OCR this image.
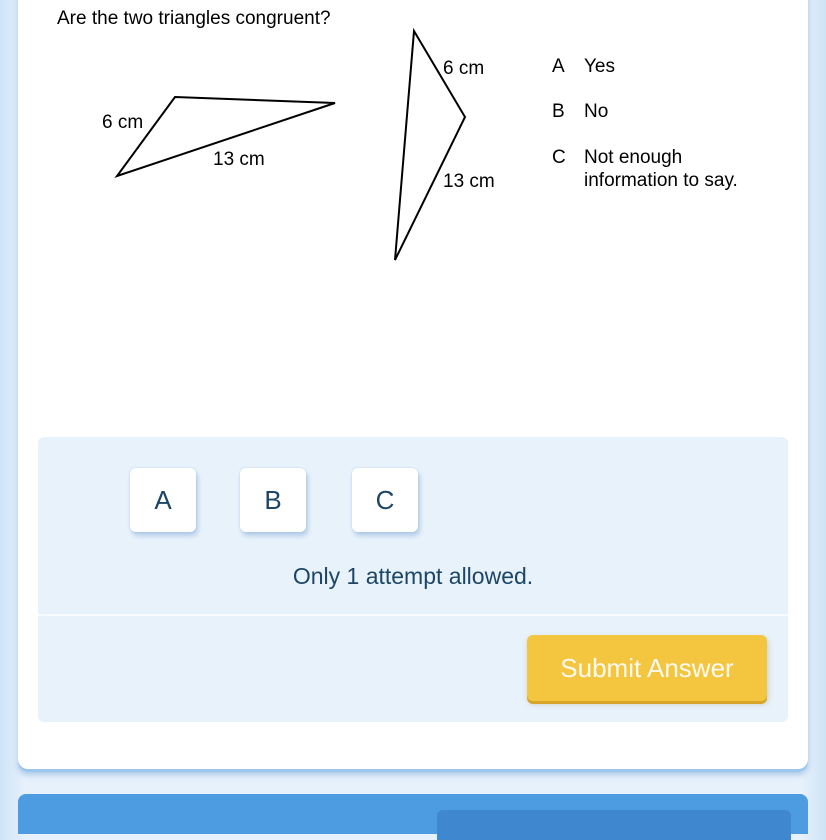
Are the two triangles congruent?
6 cm
13 cm
6 cm
13 cm
A Yes
B No
C Not enough
information to say.
A	B	C
Only 1 attempt allowed.
Submit Answer
